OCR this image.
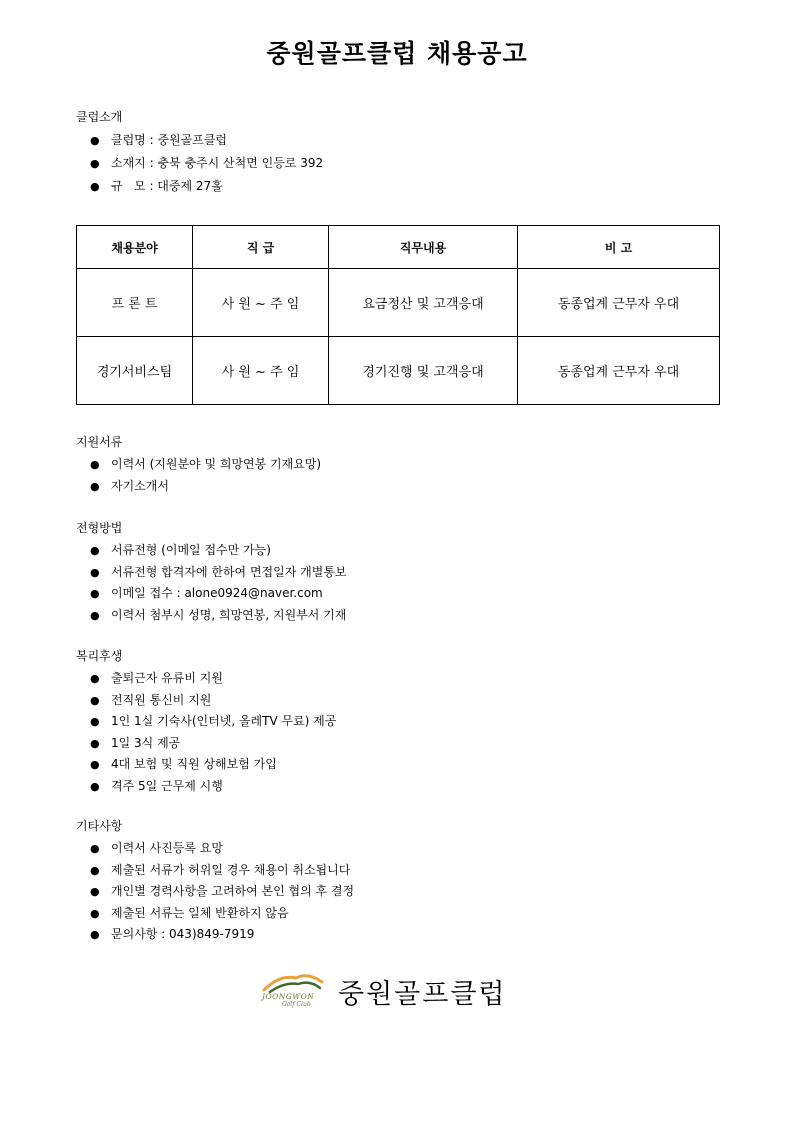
중원골프클럽 채용공고

클럽소개

● 클럽명 : 중원골프클럽
● 소재지 : 충북 충주시 산척면 인등로 392
● 규   모 : 대중제 27홀
채용분야	직 급	직무내용	비 고
프 론 트	사 원 ~ 주 임	요금정산 및 고객응대	동종업계 근무자 우대
경기서비스팀	사 원 ~ 주 임	경기진행 및 고객응대	동종업계 근무자 우대

지원서류

● 이력서 (지원분야 및 희망연봉 기재요망)
● 자기소개서

전형방법

● 서류전형 (이메일 접수만 가능)
● 서류전형 합격자에 한하여 면접일자 개별통보
● 이메일 접수 : alone0924@naver.com
● 이력서 첨부시 성명, 희망연봉, 지원부서 기재

복리후생

● 출퇴근자 유류비 지원
● 전직원 통신비 지원
● 1인 1실 기숙사(인터넷, 올레TV 무료) 제공
● 1일 3식 제공
● 4대 보험 및 직원 상해보험 가입
● 격주 5일 근무제 시행

기타사항

● 이력서 사진등록 요망
● 제출된 서류가 허위일 경우 채용이 취소됩니다
● 개인별 경력사항을 고려하여 본인 협의 후 결정
● 제출된 서류는 일체 반환하지 않음
● 문의사항 : 043)849-7919
JOONGWON
Golf Club 중원골프클럽
